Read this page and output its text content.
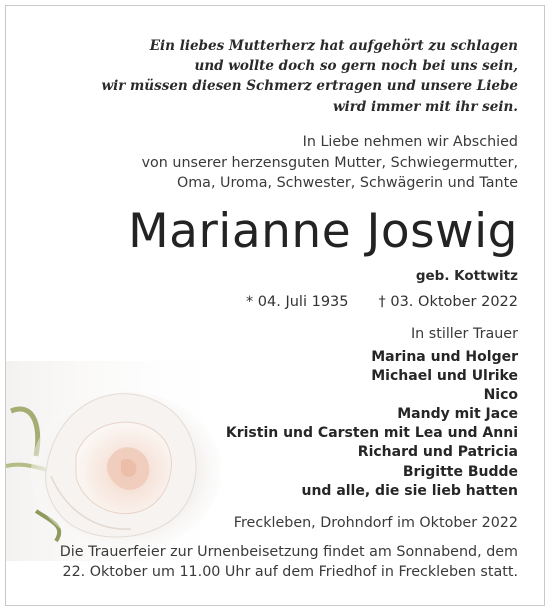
Ein liebes Mutterherz hat aufgehört zu schlagen
und wollte doch so gern noch bei uns sein,
wir müssen diesen Schmerz ertragen und unsere Liebe
wird immer mit ihr sein.
In Liebe nehmen wir Abschied
von unserer herzensguten Mutter, Schwiegermutter,
Oma, Uroma, Schwester, Schwägerin und Tante
Marianne Joswig
geb. Kottwitz
* 04. Juli 1935 † 03. Oktober 2022
In stiller Trauer
Marina und Holger
Michael und Ulrike
Nico
Mandy mit Jace
Kristin und Carsten mit Lea und Anni
Richard und Patricia
Brigitte Budde
und alle, die sie lieb hatten
Freckleben, Drohndorf im Oktober 2022
Die Trauerfeier zur Urnenbeisetzung findet am Sonnabend, dem
22. Oktober um 11.00 Uhr auf dem Friedhof in Freckleben statt.
